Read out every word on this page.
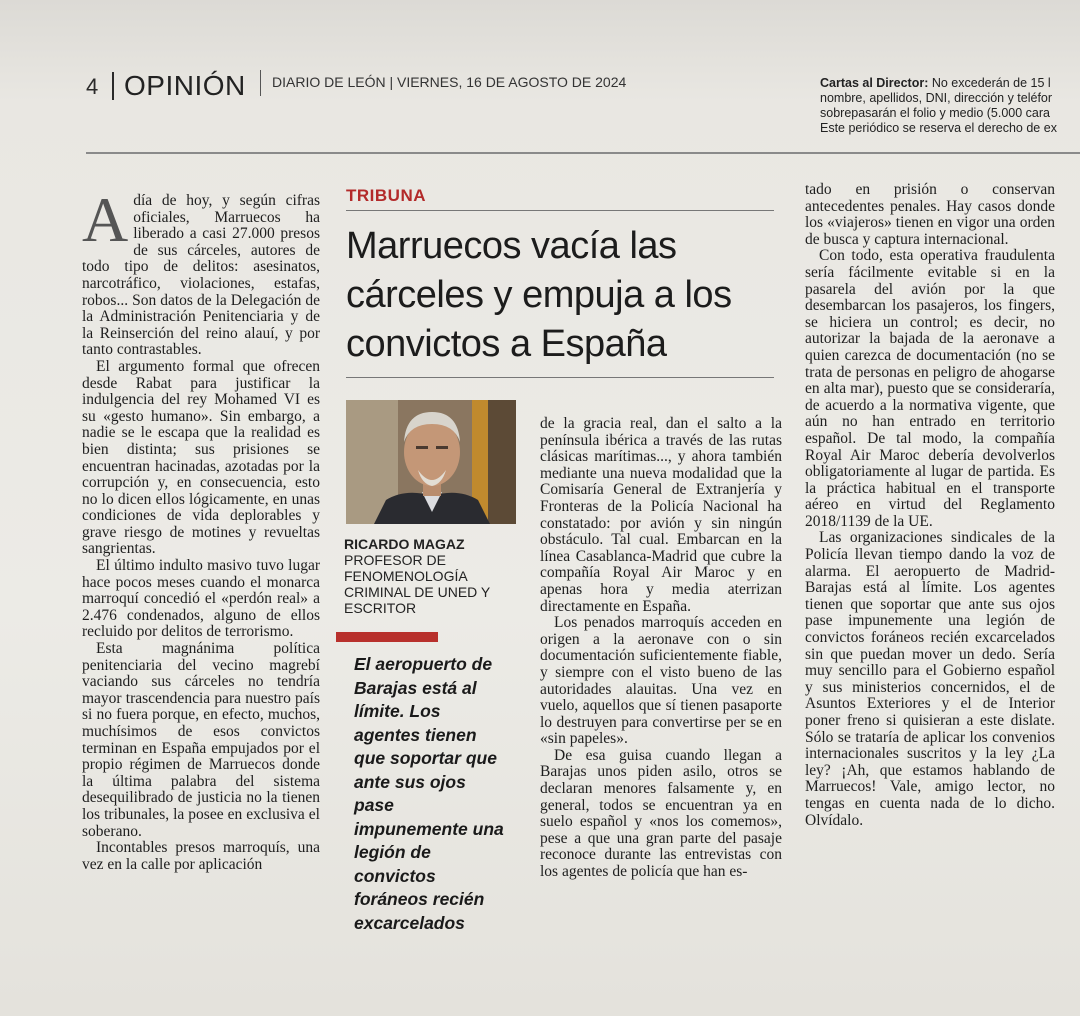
4 OPINIÓN DIARIO DE LEÓN | VIERNES, 16 DE AGOSTO DE 2024	Cartas al Director: No excederán de 15 l
nombre, apellidos, DNI, dirección y teléfor
sobrepasarán el folio y medio (5.000 cara
Este periódico se reserva el derecho de ex

Adía de hoy, y según cifras oficiales, Marruecos ha liberado a casi 27.000 presos de sus cárceles, autores de todo tipo de delitos: asesinatos, narcotráfico, violaciones, estafas, robos... Son datos de la Delegación de la Administración Penitenciaria y de la Reinserción del reino alauí, y por tanto contrastables.

El argumento formal que ofrecen desde Rabat para justificar la indulgencia del rey Mohamed VI es su «gesto humano». Sin embargo, a nadie se le escapa que la realidad es bien distinta; sus prisiones se encuentran hacinadas, azotadas por la corrupción y, en consecuencia, esto no lo dicen ellos lógicamente, en unas condiciones de vida deplorables y grave riesgo de motines y revueltas sangrientas.

El último indulto masivo tuvo lugar hace pocos meses cuando el monarca marroquí concedió el «perdón real» a 2.476 condenados, alguno de ellos recluido por delitos de terrorismo.

Esta magnánima política penitenciaria del vecino magrebí vaciando sus cárceles no tendría mayor trascendencia para nuestro país si no fuera porque, en efecto, muchos, muchísimos de esos convictos terminan en España empujados por el propio régimen de Marruecos donde la última palabra del sistema desequilibrado de justicia no la tienen los tribunales, la posee en exclusiva el soberano.

Incontables presos marroquís, una vez en la calle por aplicación

TRIBUNA
Marruecos vacía las cárceles y empuja a los convictos a España
RICARDO MAGAZ
PROFESOR DE FENOMENOLOGÍA CRIMINAL DE UNED Y ESCRITOR
El aeropuerto de Barajas está al límite. Los agentes tienen que soportar que ante sus ojos pase impunemente una legión de convictos foráneos recién excarcelados

de la gracia real, dan el salto a la península ibérica a través de las rutas clásicas marítimas..., y ahora también mediante una nueva modalidad que la Comisaría General de Extranjería y Fronteras de la Policía Nacional ha constatado: por avión y sin ningún obstáculo. Tal cual. Embarcan en la línea Casablanca-Madrid que cubre la compañía Royal Air Maroc y en apenas hora y media aterrizan directamente en España.

Los penados marroquís acceden en origen a la aeronave con o sin documentación suficientemente fiable, y siempre con el visto bueno de las autoridades alauitas. Una vez en vuelo, aquellos que sí tienen pasaporte lo destruyen para convertirse per se en «sin papeles».

De esa guisa cuando llegan a Barajas unos piden asilo, otros se declaran menores falsamente y, en general, todos se encuentran ya en suelo español y «nos los comemos», pese a que una gran parte del pasaje reconoce durante las entrevistas con los agentes de policía que han es-

tado en prisión o conservan antecedentes penales. Hay casos donde los «viajeros» tienen en vigor una orden de busca y captura internacional.

Con todo, esta operativa fraudulenta sería fácilmente evitable si en la pasarela del avión por la que desembarcan los pasajeros, los fingers, se hiciera un control; es decir, no autorizar la bajada de la aeronave a quien carezca de documentación (no se trata de personas en peligro de ahogarse en alta mar), puesto que se consideraría, de acuerdo a la normativa vigente, que aún no han entrado en territorio español. De tal modo, la compañía Royal Air Maroc debería devolverlos obligatoriamente al lugar de partida. Es la práctica habitual en el transporte aéreo en virtud del Reglamento 2018/1139 de la UE.

Las organizaciones sindicales de la Policía llevan tiempo dando la voz de alarma. El aeropuerto de Madrid-Barajas está al límite. Los agentes tienen que soportar que ante sus ojos pase impunemente una legión de convictos foráneos recién excarcelados sin que puedan mover un dedo. Sería muy sencillo para el Gobierno español y sus ministerios concernidos, el de Asuntos Exteriores y el de Interior poner freno si quisieran a este dislate. Sólo se trataría de aplicar los convenios internacionales suscritos y la ley ¿La ley? ¡Ah, que estamos hablando de Marruecos! Vale, amigo lector, no tengas en cuenta nada de lo dicho. Olvídalo.
